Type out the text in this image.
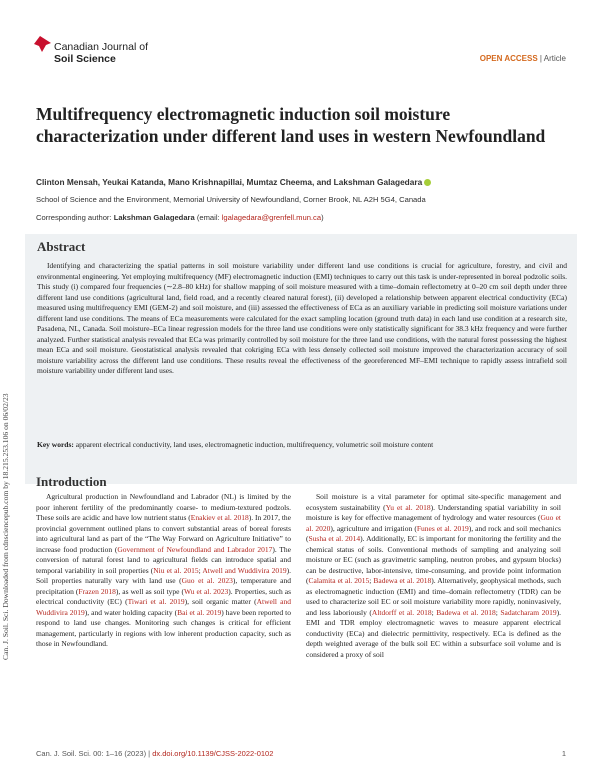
Canadian Journal of
Soil Science	OPEN ACCESS | Article
Can. J. Soil. Sci. Downloaded from cdnsciencepub.com by 18.215.253.106 on 06/02/23
Multifrequency electromagnetic induction soil moisture characterization under different land uses in western Newfoundland
Clinton Mensah, Yeukai Katanda, Mano Krishnapillai, Mumtaz Cheema, and Lakshman Galagedara
School of Science and the Environment, Memorial University of Newfoundland, Corner Brook, NL A2H 5G4, Canada
Corresponding author: Lakshman Galagedara (email: lgalagedara@grenfell.mun.ca)
Abstract

Identifying and characterizing the spatial patterns in soil moisture variability under different land use conditions is crucial for agriculture, forestry, and civil and environmental engineering. Yet employing multifrequency (MF) electromagnetic induction (EMI) techniques to carry out this task is under-represented in boreal podzolic soils. This study (i) compared four frequencies (∼2.8–80 kHz) for shallow mapping of soil moisture measured with a time–domain reflectometry at 0–20 cm soil depth under three different land use conditions (agricultural land, field road, and a recently cleared natural forest), (ii) developed a relationship between apparent electrical conductivity (ECa) measured using multifrequency EMI (GEM-2) and soil moisture, and (iii) assessed the effectiveness of ECa as an auxiliary variable in predicting soil moisture variations under different land use conditions. The means of ECa measurements were calculated for the exact sampling location (ground truth data) in each land use condition at a research site, Pasadena, NL, Canada. Soil moisture–ECa linear regression models for the three land use conditions were only statistically significant for 38.3 kHz frequency and were further analyzed. Further statistical analysis revealed that ECa was primarily controlled by soil moisture for the three land use conditions, with the natural forest possessing the highest mean ECa and soil moisture. Geostatistical analysis revealed that cokriging ECa with less densely collected soil moisture improved the characterization accuracy of soil moisture variability across the different land use conditions. These results reveal the effectiveness of the georeferenced MF–EMI technique to rapidly assess intrafield soil moisture variability under different land uses.

Key words: apparent electrical conductivity, land uses, electromagnetic induction, multifrequency, volumetric soil moisture content

Introduction

Agricultural production in Newfoundland and Labrador (NL) is limited by the poor inherent fertility of the predominantly coarse- to medium-textured podzols. These soils are acidic and have low nutrient status (Enakiev et al. 2018). In 2017, the provincial government outlined plans to convert substantial areas of boreal forests into agricultural land as part of the “The Way Forward on Agriculture Initiative” to increase food production (Government of Newfoundland and Labrador 2017). The conversion of natural forest land to agricultural fields can introduce spatial and temporal variability in soil properties (Niu et al. 2015; Atwell and Wuddivira 2019). Soil properties naturally vary with land use (Guo et al. 2023), temperature and precipitation (Frazen 2018), as well as soil type (Wu et al. 2023). Properties, such as electrical conductivity (EC) (Tiwari et al. 2019), soil organic matter (Atwell and Wuddivira 2019), and water holding capacity (Bai et al. 2019) have been reported to respond to land use changes. Monitoring such changes is critical for efficient management, particularly in regions with low inherent production capacity, such as those in Newfoundland.

Soil moisture is a vital parameter for optimal site-specific management and ecosystem sustainability (Yu et al. 2018). Understanding spatial variability in soil moisture is key for effective management of hydrology and water resources (Guo et al. 2020), agriculture and irrigation (Funes et al. 2019), and rock and soil mechanics (Susha et al. 2014). Additionally, EC is important for monitoring the fertility and the chemical status of soils. Conventional methods of sampling and analyzing soil moisture or EC (such as gravimetric sampling, neutron probes, and gypsum blocks) can be destructive, labor-intensive, time-consuming, and provide point information (Calamita et al. 2015; Badewa et al. 2018). Alternatively, geophysical methods, such as electromagnetic induction (EMI) and time–domain reflectometry (TDR) can be used to characterize soil EC or soil moisture variability more rapidly, noninvasively, and less laboriously (Altdorff et al. 2018; Badewa et al. 2018; Sadatcharam 2019). EMI and TDR employ electromagnetic waves to measure apparent electrical conductivity (ECa) and dielectric permittivity, respectively. ECa is defined as the depth weighted average of the bulk soil EC within a subsurface soil volume and is considered a proxy of soil

Can. J. Soil. Sci. 00: 1–16 (2023) | dx.doi.org/10.1139/CJSS-2022-0102	1
